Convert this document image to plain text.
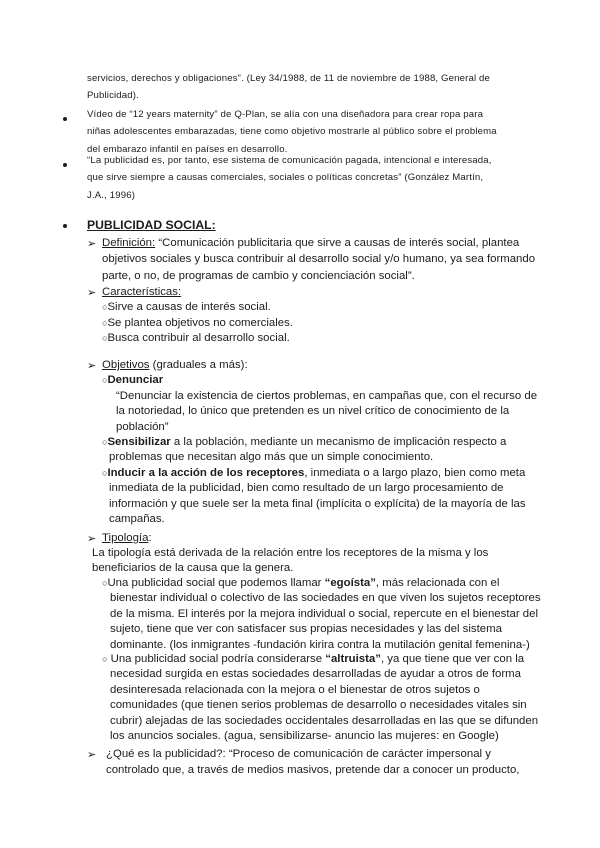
servicios, derechos y obligaciones”. (Ley 34/1988, de 11 de noviembre de 1988, General de
Publicidad).
Vídeo de “12 years maternity” de Q-Plan, se alía con una diseñadora para crear ropa para
niñas adolescentes embarazadas, tiene como objetivo mostrarle al público sobre el problema
del embarazo infantil en países en desarrollo.
“La publicidad es, por tanto, ese sistema de comunicación pagada, intencional e interesada,
que sirve siempre a causas comerciales, sociales o políticas concretas” (González Martín,
J.A., 1996)
PUBLICIDAD SOCIAL:
➢ Definición: “Comunicación publicitaria que sirve a causas de interés social, plantea
objetivos sociales y busca contribuir al desarrollo social y/o humano, ya sea formando
parte, o no, de programas de cambio y concienciación social”.
➢ Características:
○Sirve a causas de interés social.
○Se plantea objetivos no comerciales.
○Busca contribuir al desarrollo social.
➢ Objetivos (graduales a más):
○Denunciar
“Denunciar la existencia de ciertos problemas, en campañas que, con el recurso de
la notoriedad, lo único que pretenden es un nivel crítico de conocimiento de la
población”
○Sensibilizar a la población, mediante un mecanismo de implicación respecto a
problemas que necesitan algo más que un simple conocimiento.
○Inducir a la acción de los receptores, inmediata o a largo plazo, bien como meta
inmediata de la publicidad, bien como resultado de un largo procesamiento de
información y que suele ser la meta final (implícita o explícita) de la mayoría de las
campañas.
➢ Tipología:
La tipología está derivada de la relación entre los receptores de la misma y los
beneficiarios de la causa que la genera.
○Una publicidad social que podemos llamar “egoísta”, más relacionada con el
bienestar individual o colectivo de las sociedades en que viven los sujetos receptores
de la misma. El interés por la mejora individual o social, repercute en el bienestar del
sujeto, tiene que ver con satisfacer sus propias necesidades y las del sistema
dominante. (los inmigrantes -fundación kirira contra la mutilación genital femenina-)
○ Una publicidad social podría considerarse “altruista”, ya que tiene que ver con la
necesidad surgida en estas sociedades desarrolladas de ayudar a otros de forma
desinteresada relacionada con la mejora o el bienestar de otros sujetos o
comunidades (que tienen serios problemas de desarrollo o necesidades vitales sin
cubrir) alejadas de las sociedades occidentales desarrolladas en las que se difunden
los anuncios sociales. (agua, sensibilizarse- anuncio las mujeres: en Google)
➢ ¿Qué es la publicidad?: “Proceso de comunicación de carácter impersonal y
controlado que, a través de medios masivos, pretende dar a conocer un producto,
